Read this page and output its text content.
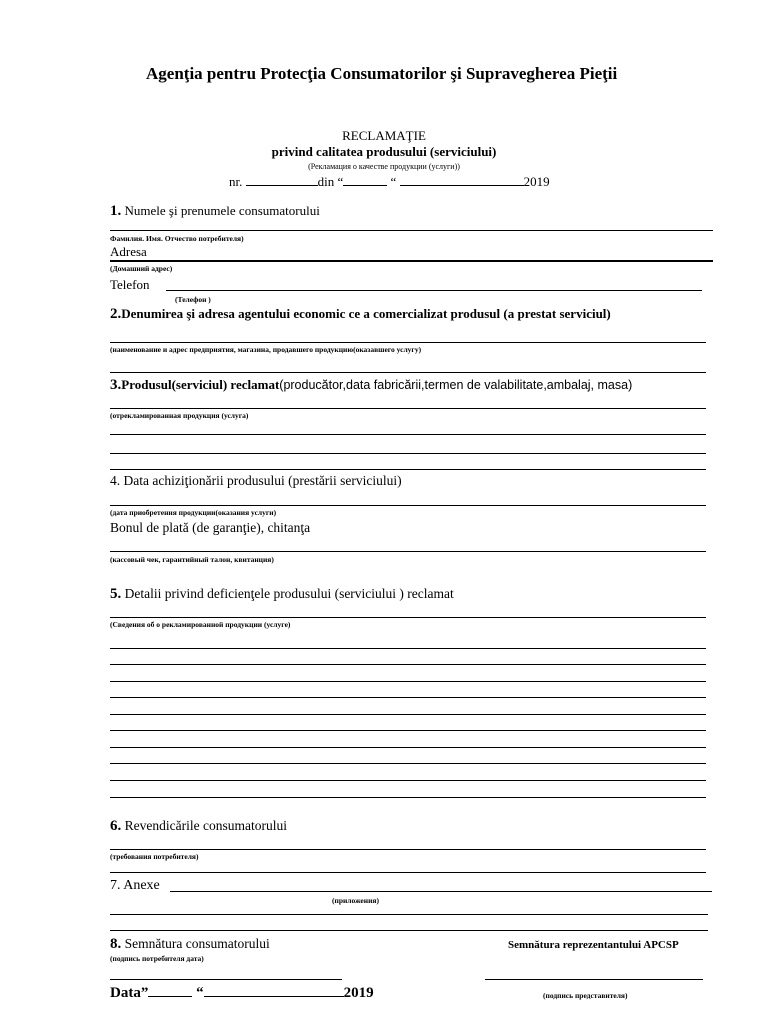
Agenţia pentru Protecţia Consumatorilor şi Supravegherea Pieţii
RECLAMAŢIE
privind calitatea produsului (serviciului)
(Рекламация о качестве продукции (услуги))
nr.	din “	“	2019
1. Numele şi prenumele consumatorului
Фамилия. Имя. Отчество потребителя)
Adresa
(Домашний адрес)
Telefon
(Телефон )
2.Denumirea şi adresa agentului economic ce a comercializat produsul (a prestat serviciul)
(наименование и адрес предприятия, магазина, продавшего продукцию(оказавшего услугу)
3.Produsul(serviciul) reclamat(producător,data fabricării,termen de valabilitate,ambalaj, masa)
(отрекламированная продукция (услуга)
4. Data achiziţionării produsului (prestării serviciului)
(дата приобретения продукции(оказания услуги)
Bonul de plată (de garanţie), chitanţa
(кассовый чек, гарантийный талон, квитанция)
5. Detalii privind deficienţele produsului (serviciului ) reclamat
(Сведения об о рекламированной продукции (услуге)
6. Revendicările consumatorului
(требования потребителя)
7. Anexe
(приложения)
8. Semnătura consumatorului
(подпись потребителя дата)
Semnătura reprezentantului APCSP
(подпись представителя)
Data”	“	2019
